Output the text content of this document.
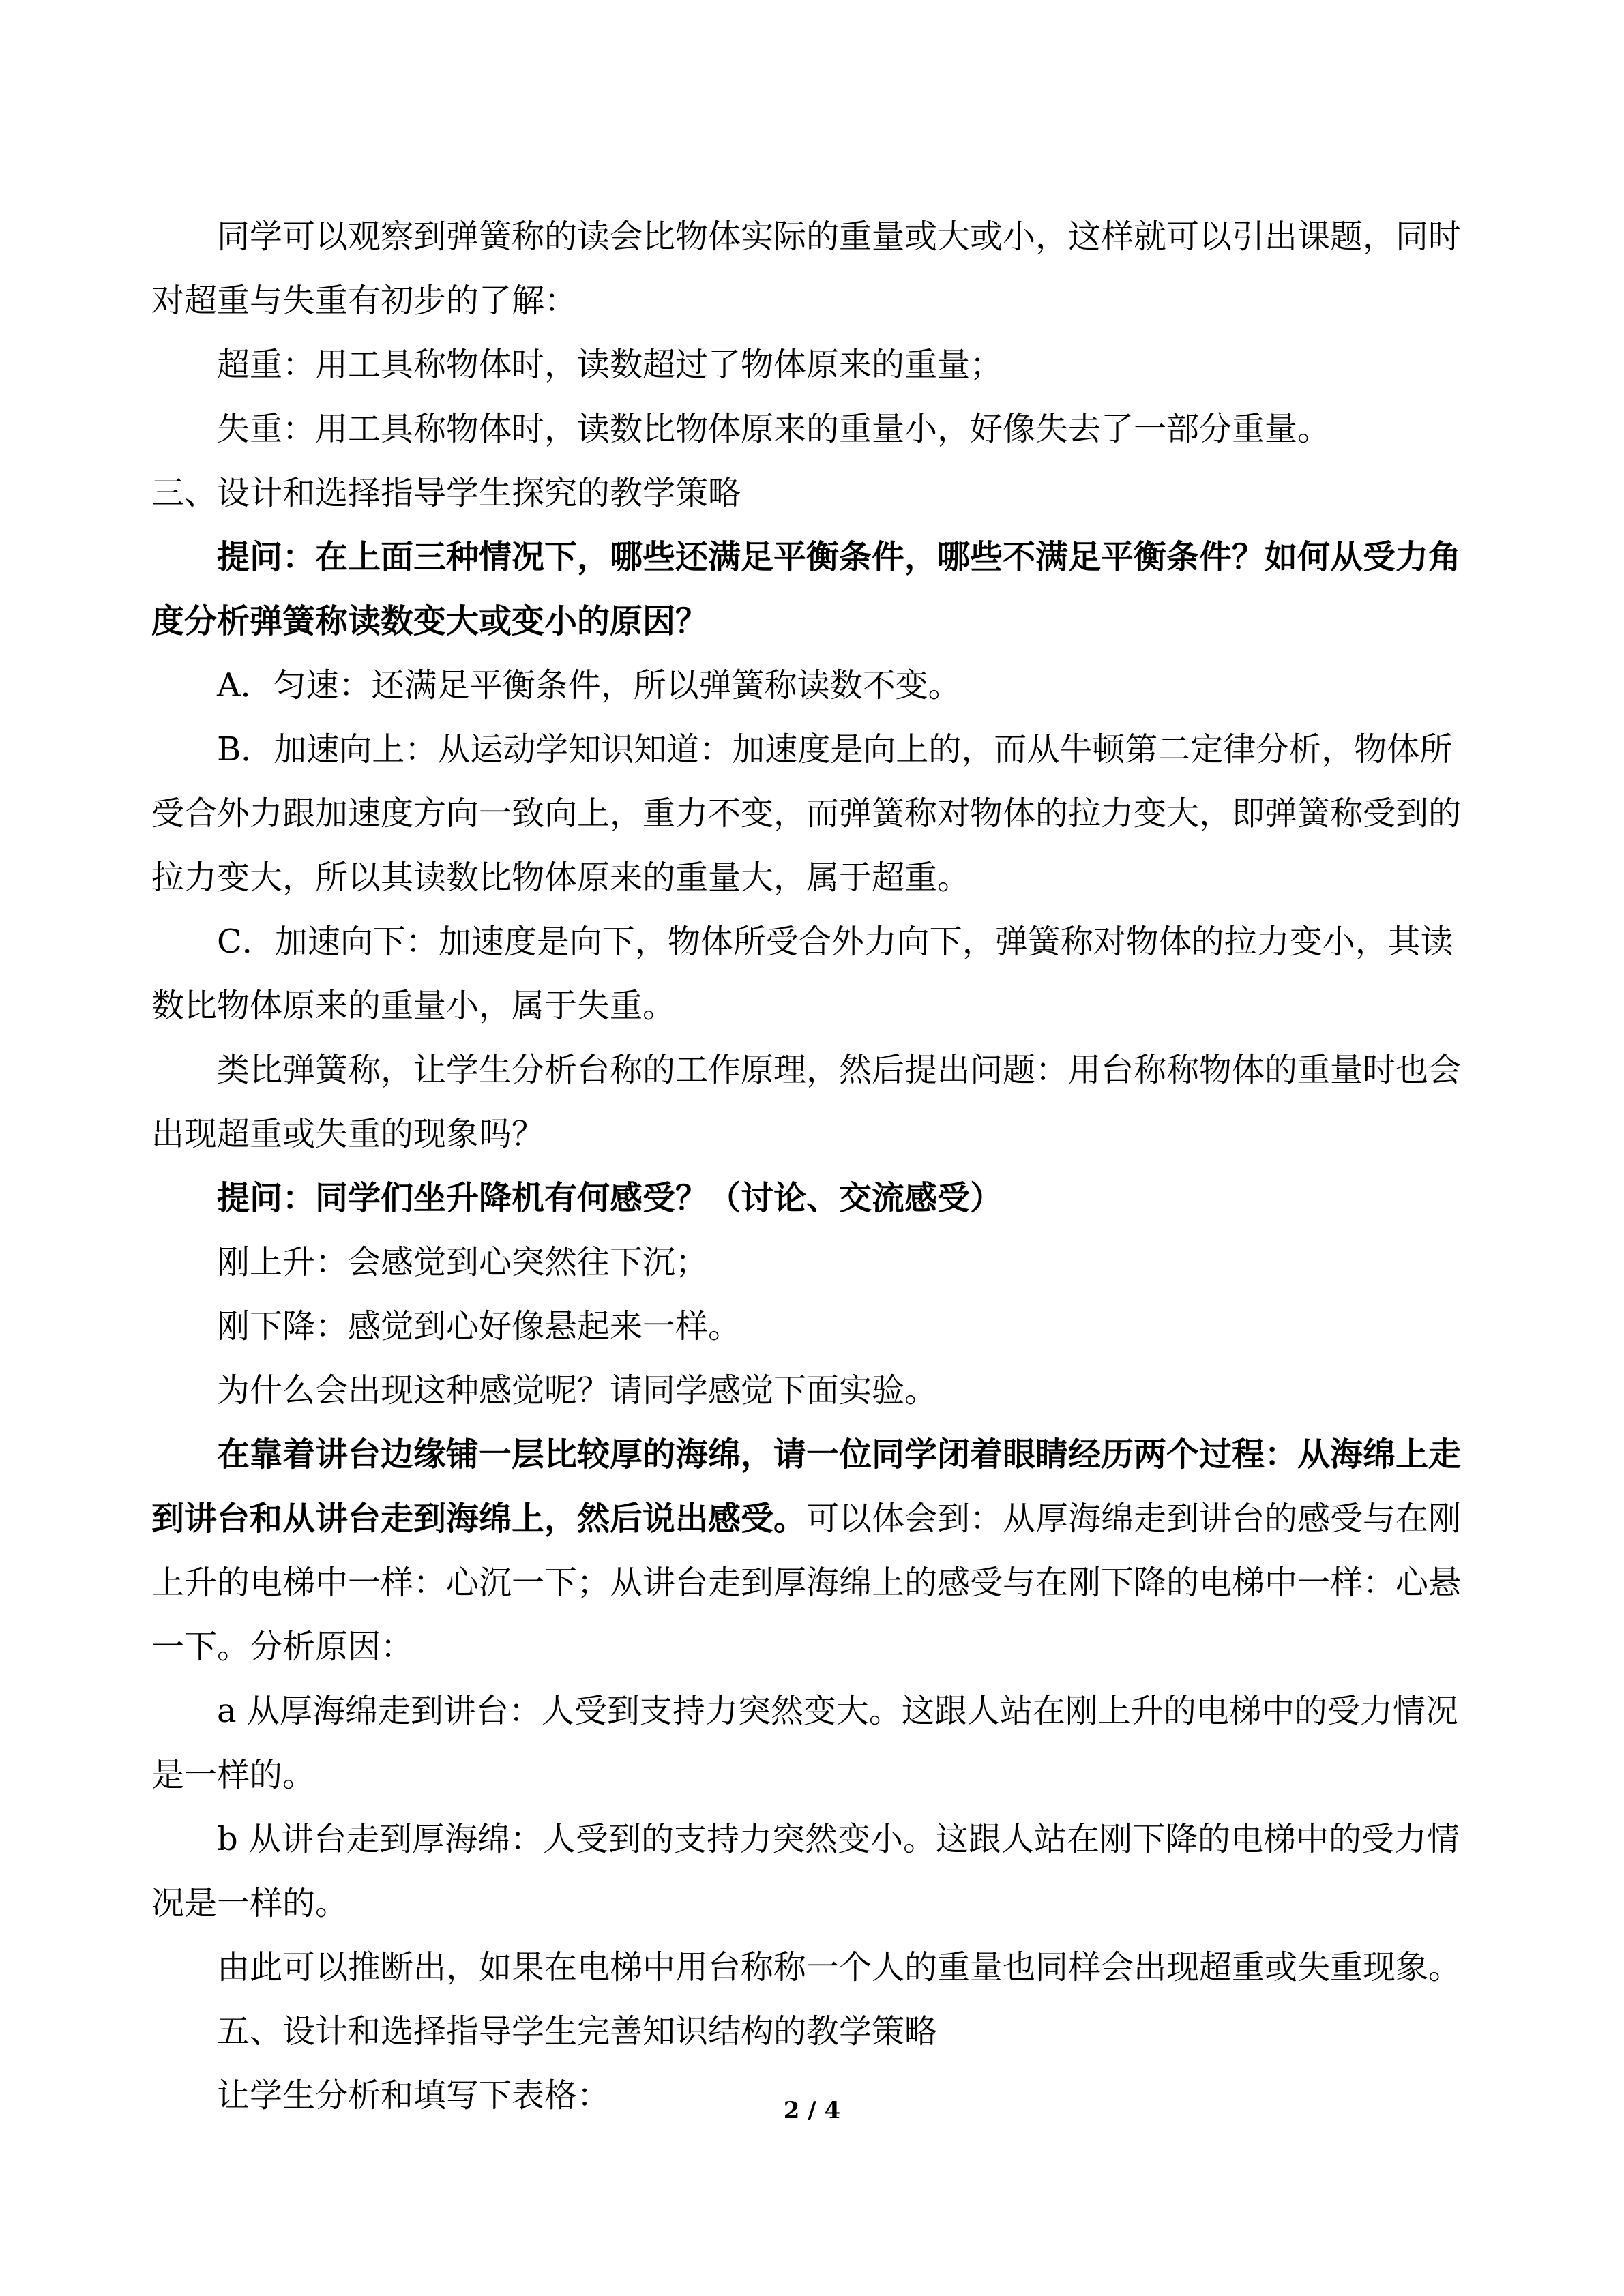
同学可以观察到弹簧称的读会比物体实际的重量或大或小，这样就可以引出课题，同时对超重与失重有初步的了解：

超重：用工具称物体时，读数超过了物体原来的重量；

失重：用工具称物体时，读数比物体原来的重量小，好像失去了一部分重量。

三、设计和选择指导学生探究的教学策略

提问：在上面三种情况下，哪些还满足平衡条件，哪些不满足平衡条件？如何从受力角度分析弹簧称读数变大或变小的原因？

A．匀速：还满足平衡条件，所以弹簧称读数不变。

B．加速向上：从运动学知识知道：加速度是向上的，而从牛顿第二定律分析，物体所受合外力跟加速度方向一致向上，重力不变，而弹簧称对物体的拉力变大，即弹簧称受到的拉力变大，所以其读数比物体原来的重量大，属于超重。

C．加速向下：加速度是向下，物体所受合外力向下，弹簧称对物体的拉力变小，其读数比物体原来的重量小，属于失重。

类比弹簧称，让学生分析台称的工作原理，然后提出问题：用台称称物体的重量时也会出现超重或失重的现象吗？

提问：同学们坐升降机有何感受？（讨论、交流感受）

刚上升：会感觉到心突然往下沉；

刚下降：感觉到心好像悬起来一样。

为什么会出现这种感觉呢？请同学感觉下面实验。

在靠着讲台边缘铺一层比较厚的海绵，请一位同学闭着眼睛经历两个过程：从海绵上走到讲台和从讲台走到海绵上，然后说出感受。可以体会到：从厚海绵走到讲台的感受与在刚上升的电梯中一样：心沉一下；从讲台走到厚海绵上的感受与在刚下降的电梯中一样：心悬一下。分析原因：

a 从厚海绵走到讲台：人受到支持力突然变大。这跟人站在刚上升的电梯中的受力情况是一样的。

b 从讲台走到厚海绵：人受到的支持力突然变小。这跟人站在刚下降的电梯中的受力情况是一样的。

由此可以推断出，如果在电梯中用台称称一个人的重量也同样会出现超重或失重现象。

五、设计和选择指导学生完善知识结构的教学策略

让学生分析和填写下表格：	2 / 4
